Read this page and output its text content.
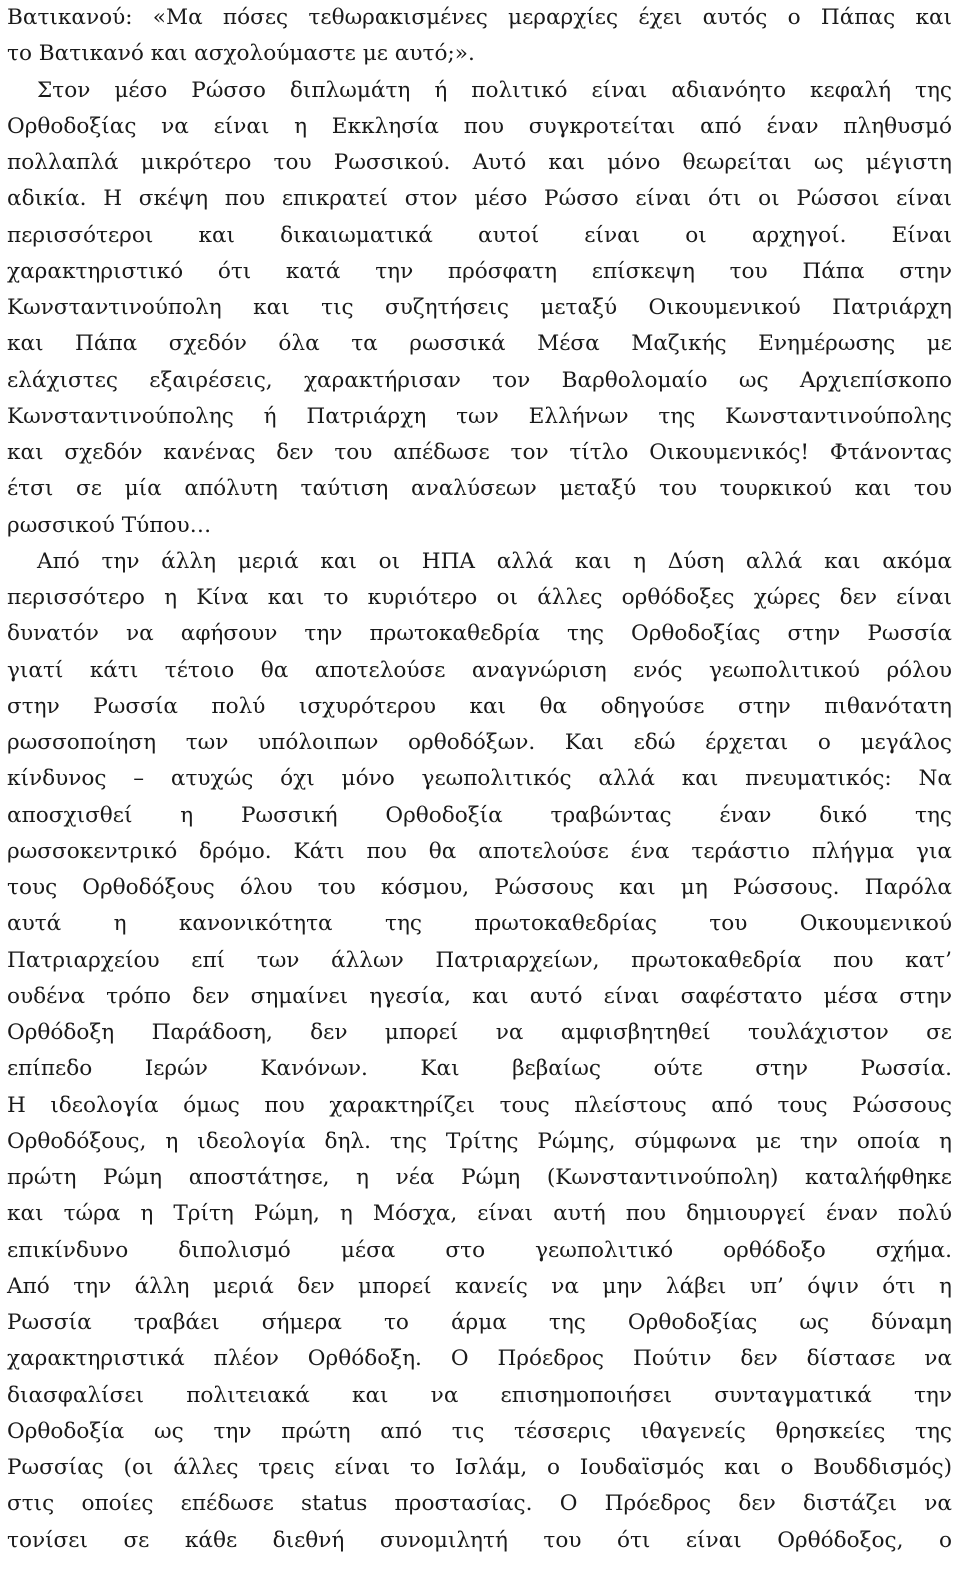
Βατικανού: «Μα πόσες τεθωρακισμένες μεραρχίες έχει αυτός ο Πάπας και
το Βατικανό και ασχολούμαστε με αυτό;».
Στον μέσο Ρώσσο διπλωμάτη ή πολιτικό είναι αδιανόητο κεφαλή της
Ορθοδοξίας να είναι η Εκκλησία που συγκροτείται από έναν πληθυσμό
πολλαπλά μικρότερο του Ρωσσικού. Αυτό και μόνο θεωρείται ως μέγιστη
αδικία. Η σκέψη που επικρατεί στον μέσο Ρώσσο είναι ότι οι Ρώσσοι είναι
περισσότεροι και δικαιωματικά αυτοί είναι οι αρχηγοί. Είναι
χαρακτηριστικό ότι κατά την πρόσφατη επίσκεψη του Πάπα στην
Κωνσταντινούπολη και τις συζητήσεις μεταξύ Οικουμενικού Πατριάρχη
και Πάπα σχεδόν όλα τα ρωσσικά Μέσα Μαζικής Ενημέρωσης με
ελάχιστες εξαιρέσεις, χαρακτήρισαν τον Βαρθολομαίο ως Αρχιεπίσκοπο
Κωνσταντινούπολης ή Πατριάρχη των Ελλήνων της Κωνσταντινούπολης
και σχεδόν κανένας δεν του απέδωσε τον τίτλο Οικουμενικός! Φτάνοντας
έτσι σε μία απόλυτη ταύτιση αναλύσεων μεταξύ του τουρκικού και του
ρωσσικού Τύπου…
Από την άλλη μεριά και οι ΗΠΑ αλλά και η Δύση αλλά και ακόμα
περισσότερο η Κίνα και το κυριότερο οι άλλες ορθόδοξες χώρες δεν είναι
δυνατόν να αφήσουν την πρωτοκαθεδρία της Ορθοδοξίας στην Ρωσσία
γιατί κάτι τέτοιο θα αποτελούσε αναγνώριση ενός γεωπολιτικού ρόλου
στην Ρωσσία πολύ ισχυρότερου και θα οδηγούσε στην πιθανότατη
ρωσσοποίηση των υπόλοιπων ορθοδόξων. Και εδώ έρχεται ο μεγάλος
κίνδυνος – ατυχώς όχι μόνο γεωπολιτικός αλλά και πνευματικός: Να
αποσχισθεί η Ρωσσική Ορθοδοξία τραβώντας έναν δικό της
ρωσσοκεντρικό δρόμο. Κάτι που θα αποτελούσε ένα τεράστιο πλήγμα για
τους Ορθοδόξους όλου του κόσμου, Ρώσσους και μη Ρώσσους. Παρόλα
αυτά η κανονικότητα της πρωτοκαθεδρίας του Οικουμενικού
Πατριαρχείου επί των άλλων Πατριαρχείων, πρωτοκαθεδρία που κατ’
ουδένα τρόπο δεν σημαίνει ηγεσία, και αυτό είναι σαφέστατο μέσα στην
Ορθόδοξη Παράδοση, δεν μπορεί να αμφισβητηθεί τουλάχιστον σε
επίπεδο Ιερών Κανόνων. Και βεβαίως ούτε στην Ρωσσία.
Η ιδεολογία όμως που χαρακτηρίζει τους πλείστους από τους Ρώσσους
Ορθοδόξους, η ιδεολογία δηλ. της Τρίτης Ρώμης, σύμφωνα με την οποία η
πρώτη Ρώμη αποστάτησε, η νέα Ρώμη (Κωνσταντινούπολη) καταλήφθηκε
και τώρα η Τρίτη Ρώμη, η Μόσχα, είναι αυτή που δημιουργεί έναν πολύ
επικίνδυνο διπολισμό μέσα στο γεωπολιτικό ορθόδοξο σχήμα.
Από την άλλη μεριά δεν μπορεί κανείς να μην λάβει υπ’ όψιν ότι η
Ρωσσία τραβάει σήμερα το άρμα της Ορθοδοξίας ως δύναμη
χαρακτηριστικά πλέον Ορθόδοξη. Ο Πρόεδρος Πούτιν δεν δίστασε να
διασφαλίσει πολιτειακά και να επισημοποιήσει συνταγματικά την
Ορθοδοξία ως την πρώτη από τις τέσσερις ιθαγενείς θρησκείες της
Ρωσσίας (οι άλλες τρεις είναι το Ισλάμ, ο Ιουδαϊσμός και ο Βουδδισμός)
στις οποίες επέδωσε status προστασίας. Ο Πρόεδρος δεν διστάζει να
τονίσει σε κάθε διεθνή συνομιλητή του ότι είναι Ορθόδοξος, ο
